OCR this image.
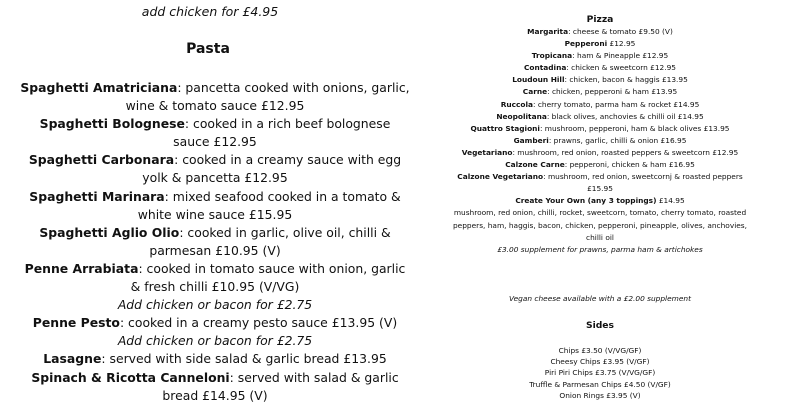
add chicken for £4.95
Pasta
Spaghetti Amatriciana: pancetta cooked with onions, garlic, wine & tomato sauce £12.95
Spaghetti Bolognese: cooked in a rich beef bolognese sauce £12.95
Spaghetti Carbonara: cooked in a creamy sauce with egg yolk & pancetta £12.95
Spaghetti Marinara: mixed seafood cooked in a tomato & white wine sauce £15.95
Spaghetti Aglio Olio: cooked in garlic, olive oil, chilli & parmesan £10.95 (V)
Penne Arrabiata: cooked in tomato sauce with onion, garlic & fresh chilli £10.95 (V/VG)
Add chicken or bacon for £2.75
Penne Pesto: cooked in a creamy pesto sauce £13.95 (V)
Add chicken or bacon for £2.75
Lasagne: served with side salad & garlic bread £13.95
Spinach & Ricotta Canneloni: served with salad & garlic bread £14.95 (V)
Pizza
Margarita: cheese & tomato £9.50 (V)
Pepperoni £12.95
Tropicana: ham & Pineapple £12.95
Contadina: chicken & sweetcorn £12.95
Loudoun Hill: chicken, bacon & haggis £13.95
Carne: chicken, pepperoni & ham £13.95
Ruccola: cherry tomato, parma ham & rocket £14.95
Neopolitana: black olives, anchovies & chilli oil £14.95
Quattro Stagioni: mushroom, pepperoni, ham & black olives £13.95
Gamberi: prawns, garlic, chilli & onion £16.95
Vegetariano: mushroom, red onion, roasted peppers & sweetcorn £12.95
Calzone Carne: pepperoni, chicken & ham £16.95
Calzone Vegetariano: mushroom, red onion, sweetcornj & roasted peppers £15.95
Create Your Own (any 3 toppings) £14.95
mushroom, red onion, chilli, rocket, sweetcorn, tomato, cherry tomato, roasted peppers, ham, haggis, bacon, chicken, pepperoni, pineapple, olives, anchovies, chilli oil
£3.00 supplement for prawns, parma ham & artichokes
Vegan cheese available with a £2.00 supplement
Sides
Chips £3.50 (V/VG/GF)
Cheesy Chips £3.95 (V/GF)
Piri Piri Chips £3.75 (V/VG/GF)
Truffle & Parmesan Chips £4.50 (V/GF)
Onion Rings £3.95 (V)
